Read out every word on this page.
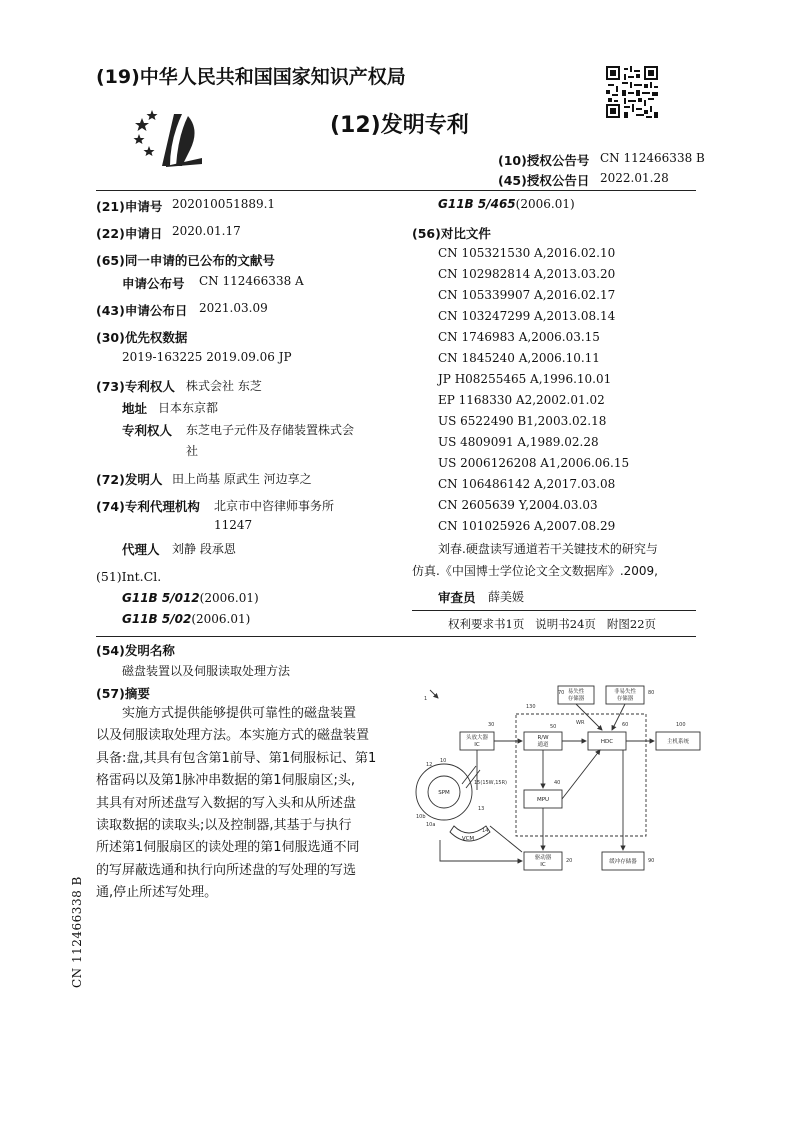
(19)中华人民共和国国家知识产权局
(12)发明专利
(10)授权公告号 CN 112466338 B
(45)授权公告日 2022.01.28
(21)申请号 202010051889.1
(22)申请日 2020.01.17
(65)同一申请的已公布的文献号
申请公布号 CN 112466338 A
(43)申请公布日 2021.03.09
(30)优先权数据
2019-163225 2019.09.06 JP
(73)专利权人 株式会社 东芝
地址 日本东京都
专利权人 东芝电子元件及存储装置株式会
社
(72)发明人 田上尚基 原武生 河边享之
(74)专利代理机构 北京市中咨律师事务所
11247
代理人 刘静 段承恩
(51)Int.Cl.
G11B 5/012(2006.01)
G11B 5/02(2006.01)
G11B 5/465(2006.01)
(56)对比文件
CN 105321530 A,2016.02.10
CN 102982814 A,2013.03.20
CN 105339907 A,2016.02.17
CN 103247299 A,2013.08.14
CN 1746983 A,2006.03.15
CN 1845240 A,2006.10.11
JP H08255465 A,1996.10.01
EP 1168330 A2,2002.01.02
US 6522490 B1,2003.02.18
US 4809091 A,1989.02.28
US 2006126208 A1,2006.06.15
CN 106486142 A,2017.03.08
CN 2605639 Y,2004.03.03
CN 101025926 A,2007.08.29
刘春.硬盘读写通道若干关键技术的研究与
仿真.《中国博士学位论文全文数据库》.2009,
审查员 薛美媛
权利要求书1页   说明书24页   附图22页
(54)发明名称
磁盘装置以及伺服读取处理方法
(57)摘要
实施方式提供能够提供可靠性的磁盘装置
以及伺服读取处理方法。本实施方式的磁盘装置
具备:盘,其具有包含第1前导、第1伺服标记、第1
格雷码以及第1脉冲串数据的第1伺服扇区;头,
其具有对所述盘写入数据的写入头和从所述盘
读取数据的读取头;以及控制器,其基于与执行
所述第1伺服扇区的读处理的第1伺服选通不同
的写屏蔽选通和执行向所述盘的写处理的写选
通,停止所述写处理。
易失性
存储器
非易失性
存储器
头放大器
IC
R/W
通道	HDC	主机系统
MPU
驱动器
IC	缓冲存储器
SPM
VCM
1
10
10a
10b
12
13
14
15(15W,15R)
20
30
40
50	60
70	80
90
100
130
WR
CN 112466338 B
